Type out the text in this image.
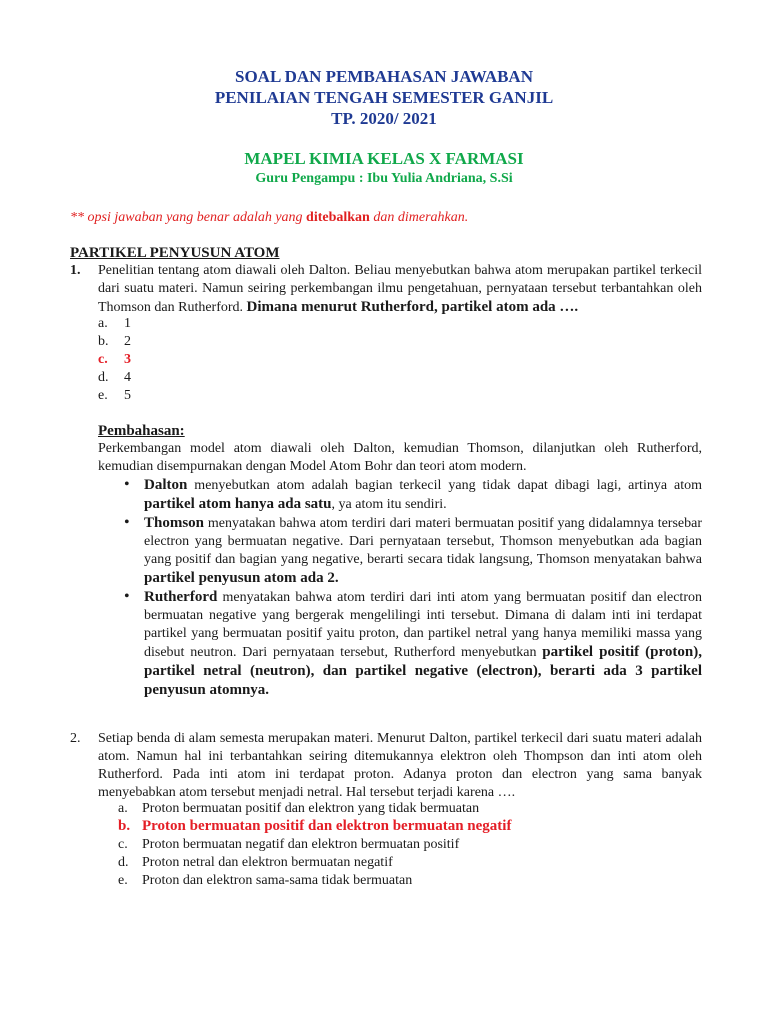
SOAL DAN PEMBAHASAN JAWABAN
PENILAIAN TENGAH SEMESTER GANJIL
TP. 2020/ 2021
MAPEL KIMIA KELAS X FARMASI
Guru Pengampu : Ibu Yulia Andriana, S.Si
** opsi jawaban yang benar adalah yang ditebalkan dan dimerahkan.
PARTIKEL PENYUSUN ATOM
1. Penelitian tentang atom diawali oleh Dalton. Beliau menyebutkan bahwa atom merupakan partikel terkecil dari suatu materi. Namun seiring perkembangan ilmu pengetahuan, pernyataan tersebut terbantahkan oleh Thomson dan Rutherford. Dimana menurut Rutherford, partikel atom ada ….
a. 1
b. 2
c. 3
d. 4
e. 5
Pembahasan:
Perkembangan model atom diawali oleh Dalton, kemudian Thomson, dilanjutkan oleh Rutherford, kemudian disempurnakan dengan Model Atom Bohr dan teori atom modern.
• Dalton menyebutkan atom adalah bagian terkecil yang tidak dapat dibagi lagi, artinya atom partikel atom hanya ada satu, ya atom itu sendiri.
• Thomson menyatakan bahwa atom terdiri dari materi bermuatan positif yang didalamnya tersebar electron yang bermuatan negative. Dari pernyataan tersebut, Thomson menyebutkan ada bagian yang positif dan bagian yang negative, berarti secara tidak langsung, Thomson menyatakan bahwa partikel penyusun atom ada 2.
• Rutherford menyatakan bahwa atom terdiri dari inti atom yang bermuatan positif dan electron bermuatan negative yang bergerak mengelilingi inti tersebut. Dimana di dalam inti ini terdapat partikel yang bermuatan positif yaitu proton, dan partikel netral yang hanya memiliki massa yang disebut neutron. Dari pernyataan tersebut, Rutherford menyebutkan partikel positif (proton), partikel netral (neutron), dan partikel negative (electron), berarti ada 3 partikel penyusun atomnya.
2. Setiap benda di alam semesta merupakan materi. Menurut Dalton, partikel terkecil dari suatu materi adalah atom. Namun hal ini terbantahkan seiring ditemukannya elektron oleh Thompson dan inti atom oleh Rutherford. Pada inti atom ini terdapat proton. Adanya proton dan electron yang sama banyak menyebabkan atom tersebut menjadi netral. Hal tersebut terjadi karena ….
a. Proton bermuatan positif dan elektron yang tidak bermuatan
b. Proton bermuatan positif dan elektron bermuatan negatif
c. Proton bermuatan negatif dan elektron bermuatan positif
d. Proton netral dan elektron bermuatan negatif
e. Proton dan elektron sama-sama tidak bermuatan
